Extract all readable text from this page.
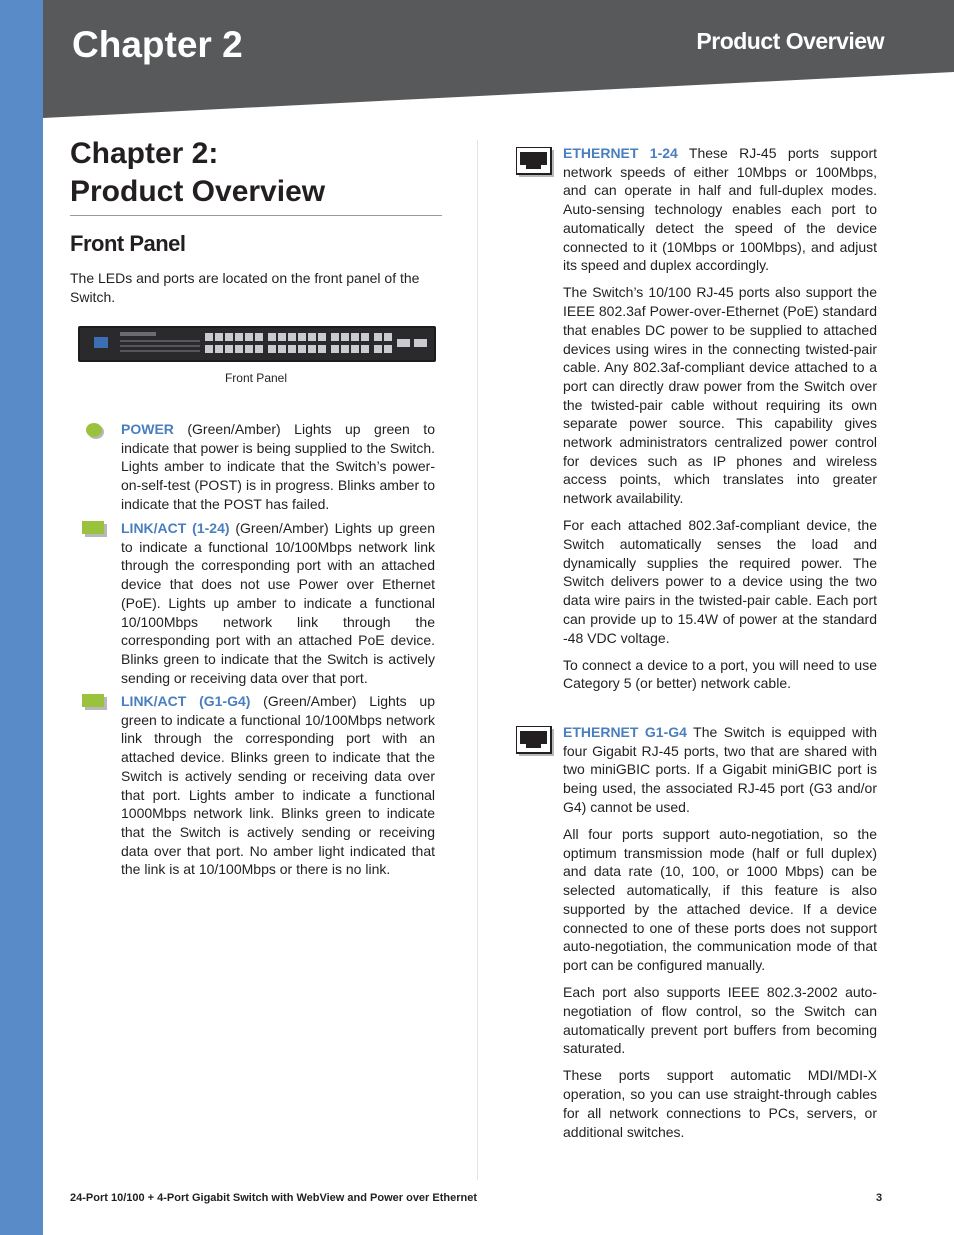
Chapter 2	Product Overview
Chapter 2:
Product Overview
Front Panel
The LEDs and ports are located on the front panel of the Switch.
Front Panel

POWER (Green/Amber) Lights up green to indicate that power is being supplied to the Switch. Lights amber to indicate that the Switch’s power-on-self-test (POST) is in progress. Blinks amber to indicate that the POST has failed.

LINK/ACT (1-24) (Green/Amber) Lights up green to indicate a functional 10/100Mbps network link through the corresponding port with an attached device that does not use Power over Ethernet (PoE). Lights up amber to indicate a functional 10/100Mbps network link through the corresponding port with an attached PoE device. Blinks green to indicate that the Switch is actively sending or receiving data over that port.

LINK/ACT (G1-G4) (Green/Amber) Lights up green to indicate a functional 10/100Mbps network link through the corresponding port with an attached device. Blinks green to indicate that the Switch is actively sending or receiving data over that port. Lights amber to indicate a functional 1000Mbps network link. Blinks green to indicate that the Switch is actively sending or receiving data over that port. No amber light indicated that the link is at 10/100Mbps or there is no link.

ETHERNET 1-24 These RJ-45 ports support network speeds of either 10Mbps or 100Mbps, and can operate in half and full-duplex modes. Auto-sensing technology enables each port to automatically detect the speed of the device connected to it (10Mbps or 100Mbps), and adjust its speed and duplex accordingly.

The Switch’s 10/100 RJ-45 ports also support the IEEE 802.3af Power-over-Ethernet (PoE) standard that enables DC power to be supplied to attached devices using wires in the connecting twisted-pair cable. Any 802.3af-compliant device attached to a port can directly draw power from the Switch over the twisted-pair cable without requiring its own separate power source. This capability gives network administrators centralized power control for devices such as IP phones and wireless access points, which translates into greater network availability.

For each attached 802.3af-compliant device, the Switch automatically senses the load and dynamically supplies the required power. The Switch delivers power to a device using the two data wire pairs in the twisted-pair cable. Each port can provide up to 15.4W of power at the standard -48 VDC voltage.

To connect a device to a port, you will need to use Category 5 (or better) network cable.

ETHERNET G1-G4 The Switch is equipped with four Gigabit RJ-45 ports, two that are shared with two miniGBIC ports. If a Gigabit miniGBIC port is being used, the associated RJ-45 port (G3 and/or G4) cannot be used.

All four ports support auto-negotiation, so the optimum transmission mode (half or full duplex) and data rate (10, 100, or 1000 Mbps) can be selected automatically, if this feature is also supported by the attached device. If a device connected to one of these ports does not support auto-negotiation, the communication mode of that port can be configured manually.

Each port also supports IEEE 802.3-2002 auto-negotiation of flow control, so the Switch can automatically prevent port buffers from becoming saturated.

These ports support automatic MDI/MDI-X operation, so you can use straight-through cables for all network connections to PCs, servers, or additional switches.

24-Port 10/100 + 4-Port Gigabit Switch with WebView and Power over Ethernet	3
